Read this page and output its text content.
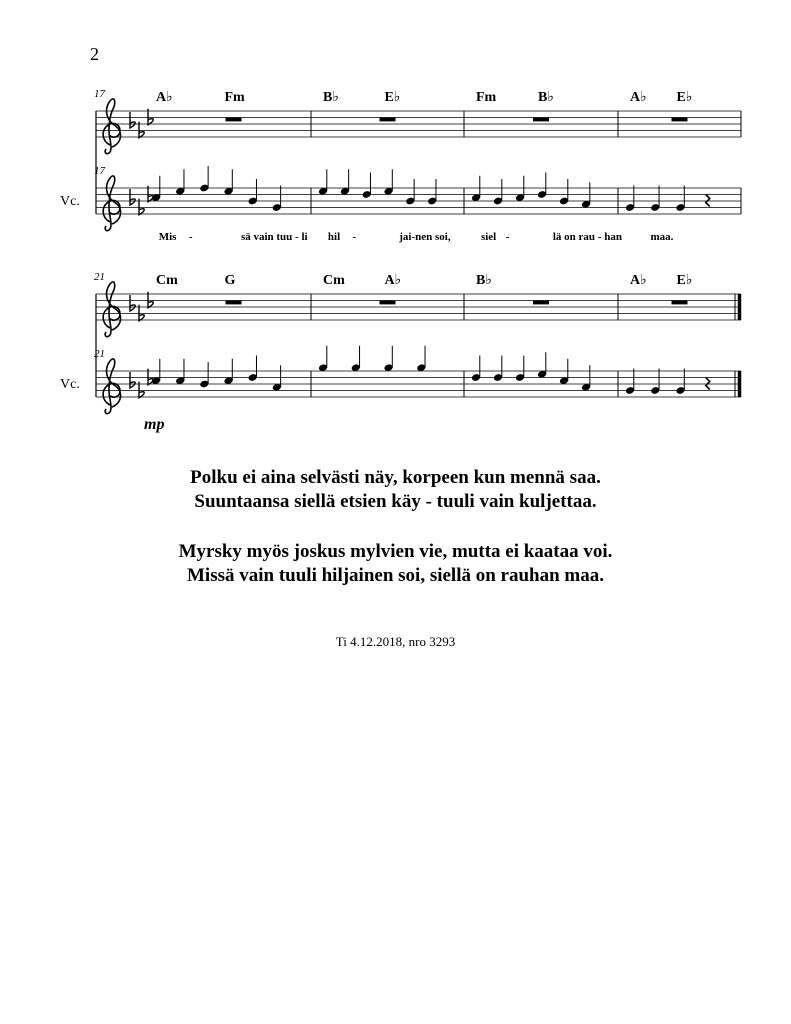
2
17
17
Vc.
21
21
Vc.
A♭	Fm	B♭	E♭	Fm	B♭	A♭ E♭
Cm	G	Cm	A♭	B♭	A♭ E♭
Mis -	sä vain tuu - li hil -	jai-nen soi,	siel -	lä on rau - han	maa.
mp
Polku ei aina selvästi näy, korpeen kun mennä saa.
Suuntaansa siellä etsien käy - tuuli vain kuljettaa.
Myrsky myös joskus mylvien vie, mutta ei kaataa voi.
Missä vain tuuli hiljainen soi, siellä on rauhan maa.
Ti 4.12.2018, nro 3293
